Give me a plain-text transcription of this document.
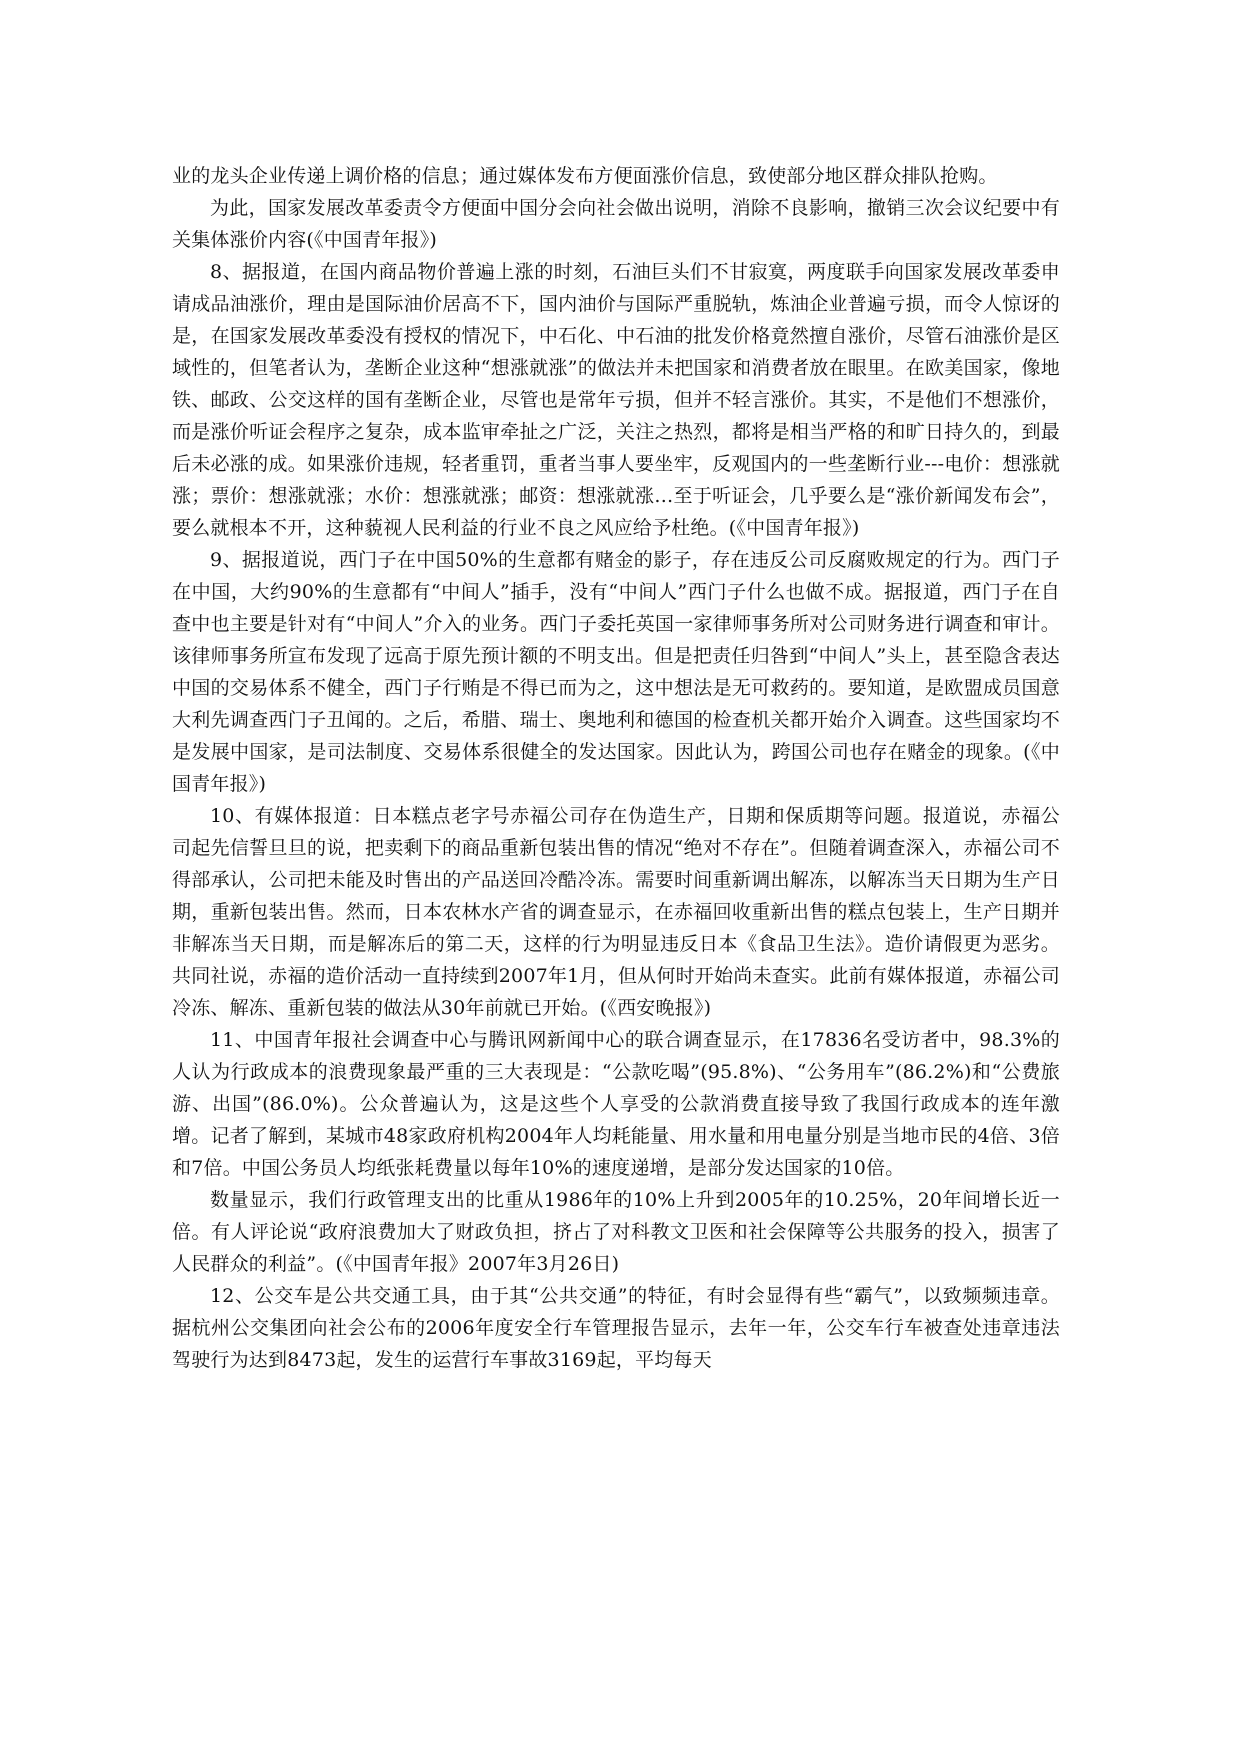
业的龙头企业传递上调价格的信息；通过媒体发布方便面涨价信息，致使部分地区群众排队抢购。

为此，国家发展改革委责令方便面中国分会向社会做出说明，消除不良影响，撤销三次会议纪要中有关集体涨价内容(《中国青年报》)

8、据报道，在国内商品物价普遍上涨的时刻，石油巨头们不甘寂寞，两度联手向国家发展改革委申请成品油涨价，理由是国际油价居高不下，国内油价与国际严重脱轨，炼油企业普遍亏损，而令人惊讶的是，在国家发展改革委没有授权的情况下，中石化、中石油的批发价格竟然擅自涨价，尽管石油涨价是区域性的，但笔者认为，垄断企业这种“想涨就涨”的做法并未把国家和消费者放在眼里。在欧美国家，像地铁、邮政、公交这样的国有垄断企业，尽管也是常年亏损，但并不轻言涨价。其实，不是他们不想涨价，而是涨价听证会程序之复杂，成本监审牵扯之广泛，关注之热烈，都将是相当严格的和旷日持久的，到最后未必涨的成。如果涨价违规，轻者重罚，重者当事人要坐牢，反观国内的一些垄断行业---电价：想涨就涨；票价：想涨就涨；水价：想涨就涨；邮资：想涨就涨…至于听证会，几乎要么是“涨价新闻发布会”，要么就根本不开，这种藐视人民利益的行业不良之风应给予杜绝。(《中国青年报》)

9、据报道说，西门子在中国50%的生意都有赌金的影子，存在违反公司反腐败规定的行为。西门子在中国，大约90%的生意都有“中间人”插手，没有“中间人”西门子什么也做不成。据报道，西门子在自查中也主要是针对有“中间人”介入的业务。西门子委托英国一家律师事务所对公司财务进行调查和审计。该律师事务所宣布发现了远高于原先预计额的不明支出。但是把责任归咎到“中间人”头上，甚至隐含表达中国的交易体系不健全，西门子行贿是不得已而为之，这中想法是无可救药的。要知道，是欧盟成员国意大利先调查西门子丑闻的。之后，希腊、瑞士、奥地利和德国的检查机关都开始介入调查。这些国家均不是发展中国家，是司法制度、交易体系很健全的发达国家。因此认为，跨国公司也存在赌金的现象。(《中国青年报》)

10、有媒体报道：日本糕点老字号赤福公司存在伪造生产，日期和保质期等问题。报道说，赤福公司起先信誓旦旦的说，把卖剩下的商品重新包装出售的情况“绝对不存在”。但随着调查深入，赤福公司不得部承认，公司把未能及时售出的产品送回冷酷冷冻。需要时间重新调出解冻，以解冻当天日期为生产日期，重新包装出售。然而，日本农林水产省的调查显示，在赤福回收重新出售的糕点包装上，生产日期并非解冻当天日期，而是解冻后的第二天，这样的行为明显违反日本《食品卫生法》。造价请假更为恶劣。共同社说，赤福的造价活动一直持续到2007年1月，但从何时开始尚未查实。此前有媒体报道，赤福公司冷冻、解冻、重新包装的做法从30年前就已开始。(《西安晚报》)

11、中国青年报社会调查中心与腾讯网新闻中心的联合调查显示，在17836名受访者中，98.3%的人认为行政成本的浪费现象最严重的三大表现是：“公款吃喝”(95.8%)、“公务用车”(86.2%)和“公费旅游、出国”(86.0%)。公众普遍认为，这是这些个人享受的公款消费直接导致了我国行政成本的连年激增。记者了解到，某城市48家政府机构2004年人均耗能量、用水量和用电量分别是当地市民的4倍、3倍和7倍。中国公务员人均纸张耗费量以每年10%的速度递增，是部分发达国家的10倍。

数量显示，我们行政管理支出的比重从1986年的10%上升到2005年的10.25%，20年间增长近一倍。有人评论说“政府浪费加大了财政负担，挤占了对科教文卫医和社会保障等公共服务的投入，损害了人民群众的利益”。(《中国青年报》2007年3月26日)

12、公交车是公共交通工具，由于其“公共交通”的特征，有时会显得有些“霸气”，以致频频违章。据杭州公交集团向社会公布的2006年度安全行车管理报告显示，去年一年，公交车行车被查处违章违法驾驶行为达到8473起，发生的运营行车事故3169起，平均每天
